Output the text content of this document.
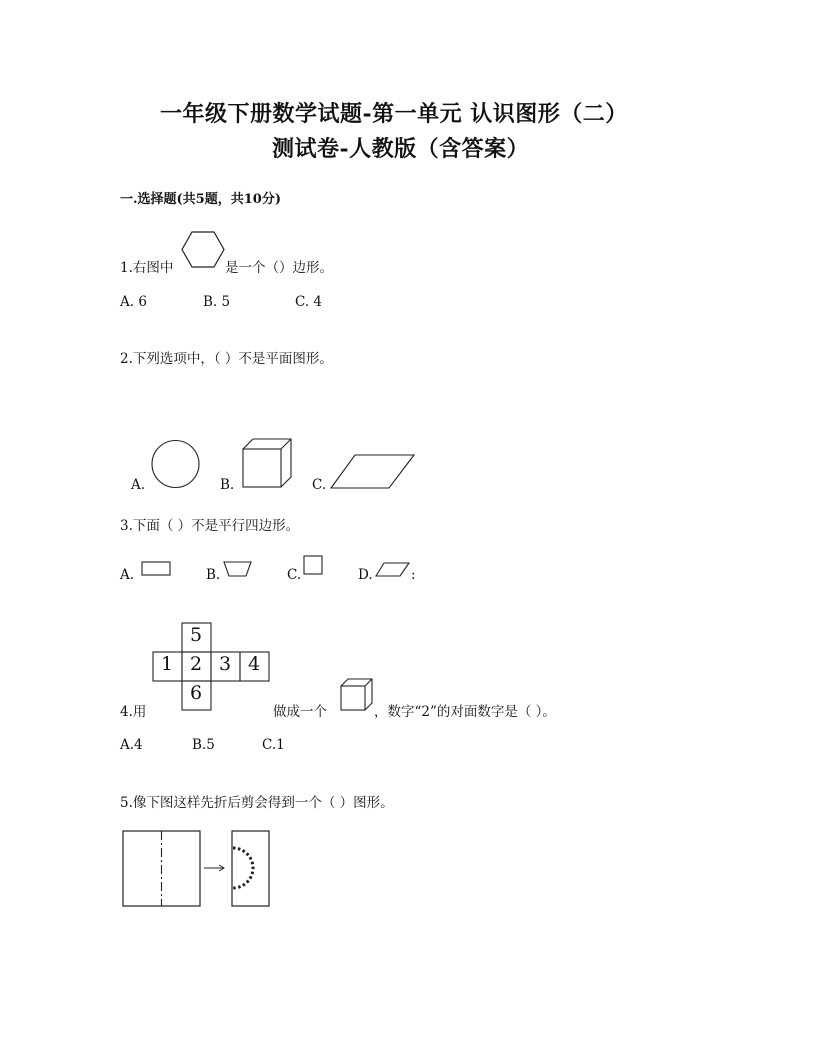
一年级下册数学试题-第一单元 认识图形（二）
测试卷-人教版（含答案）
一.选择题(共5题，共10分)
1.右图中	是一个（）边形。
A. 6	B. 5	C. 4
2.下列选项中，（ ）不是平面图形。
A.	B.	C.
3.下面（ ）不是平行四边形。
A.	B.	C.	D.	:
5
1 2 3 4
6
4.用	做成一个	，数字“2”的对面数字是（ ）。
A.4	B.5	C.1
5.像下图这样先折后剪会得到一个（ ）图形。
